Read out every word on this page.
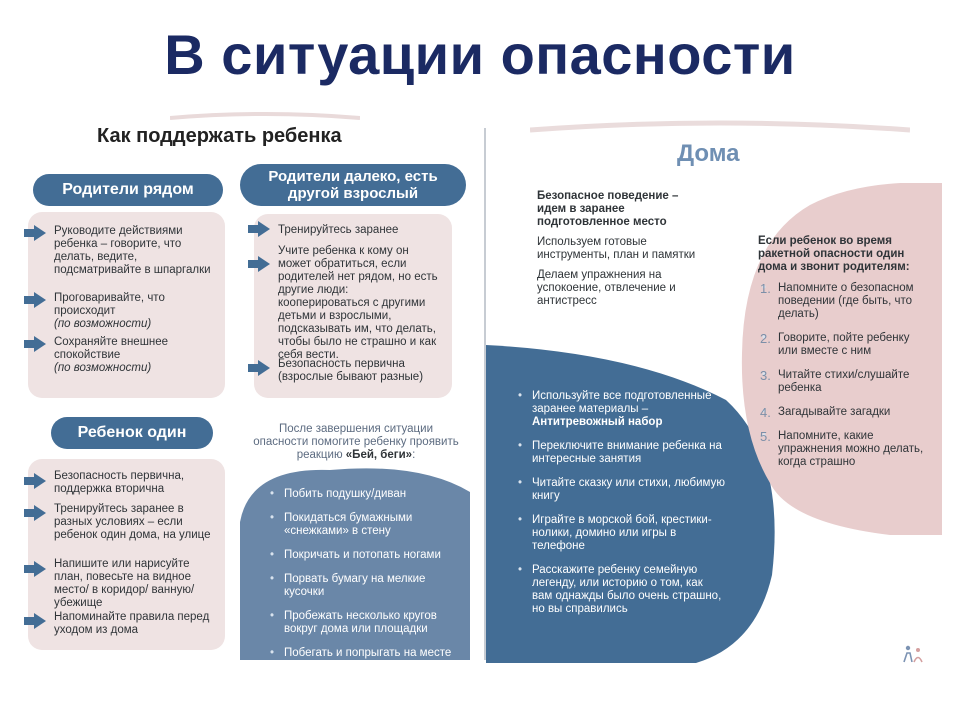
В ситуации опасности
Как поддержать ребенка
Родители рядом
Руководите действиями ребенка – говорите, что делать, ведите, подсматривайте в шпаргалки
Проговаривайте, что происходит
(по возможности)
Сохраняйте внешнее спокойствие
(по возможности)
Родители далеко, есть другой взрослый
Тренируйтесь заранее
Учите ребенка к кому он может обратиться, если родителей нет рядом, но есть другие люди: кооперироваться с другими детьми и взрослыми, подсказывать им, что делать, чтобы было не страшно и как себя вести.
Безопасность первична (взрослые бывают разные)
Ребенок один
Безопасность первична, поддержка вторична
Тренируйтесь заранее в разных условиях – если ребенок один дома, на улице
Напишите или нарисуйте план, повесьте на видное место/ в коридор/ ванную/ убежище
Напоминайте правила перед уходом из дома
После завершения ситуации опасности помогите ребенку проявить реакцию «Бей, беги»:
• Побить подушку/диван
• Покидаться бумажными «снежками» в стену
• Покричать и потопать ногами
• Порвать бумагу на мелкие кусочки
• Пробежать несколько кругов вокруг дома или площадки
• Побегать и попрыгать на месте
Дома
Безопасное поведение – идем в заранее подготовленное место
Используем готовые инструменты, план и памятки
Делаем упражнения на успокоение, отвлечение и антистресс
• Используйте все подготовленные заранее материалы – Антитревожный набор
• Переключите внимание ребенка на интересные занятия
• Читайте сказку или стихи, любимую книгу
• Играйте в морской бой, крестики-нолики, домино или игры в телефоне
• Расскажите ребенку семейную легенду, или историю о том, как вам однажды было очень страшно, но вы справились
Если ребенок во время ракетной опасности один дома и звонит родителям:
• 1. Напомните о безопасном поведении (где быть, что делать)
• 2. Говорите, пойте ребенку или вместе с ним
• 3. Читайте стихи/слушайте ребенка
• 4. Загадывайте загадки
• 5. Напомните, какие упражнения можно делать, когда страшно
